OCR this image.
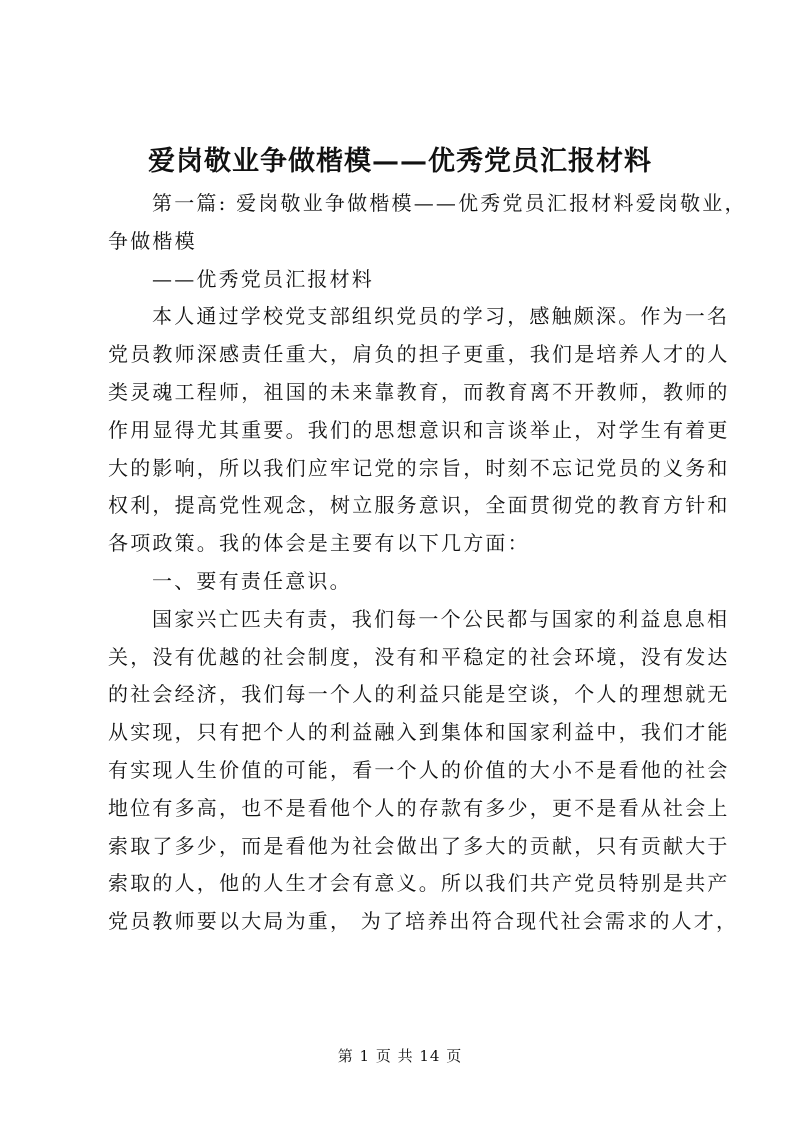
爱岗敬业争做楷模——优秀党员汇报材料
第一篇: 爱岗敬业争做楷模——优秀党员汇报材料爱岗敬业，
争做楷模
——优秀党员汇报材料
本人通过学校党支部组织党员的学习，感触颇深。作为一名
党员教师深感责任重大，肩负的担子更重，我们是培养人才的人
类灵魂工程师，祖国的未来靠教育，而教育离不开教师，教师的
作用显得尤其重要。我们的思想意识和言谈举止，对学生有着更
大的影响，所以我们应牢记党的宗旨，时刻不忘记党员的义务和
权利，提高党性观念，树立服务意识，全面贯彻党的教育方针和
各项政策。我的体会是主要有以下几方面：
一、要有责任意识。
国家兴亡匹夫有责，我们每一个公民都与国家的利益息息相
关，没有优越的社会制度，没有和平稳定的社会环境，没有发达
的社会经济，我们每一个人的利益只能是空谈，个人的理想就无
从实现，只有把个人的利益融入到集体和国家利益中，我们才能
有实现人生价值的可能，看一个人的价值的大小不是看他的社会
地位有多高，也不是看他个人的存款有多少，更不是看从社会上
索取了多少，而是看他为社会做出了多大的贡献，只有贡献大于
索取的人，他的人生才会有意义。所以我们共产党员特别是共产
党员教师要以大局为重， 为了培养出符合现代社会需求的人才，
第 1 页 共 14 页
